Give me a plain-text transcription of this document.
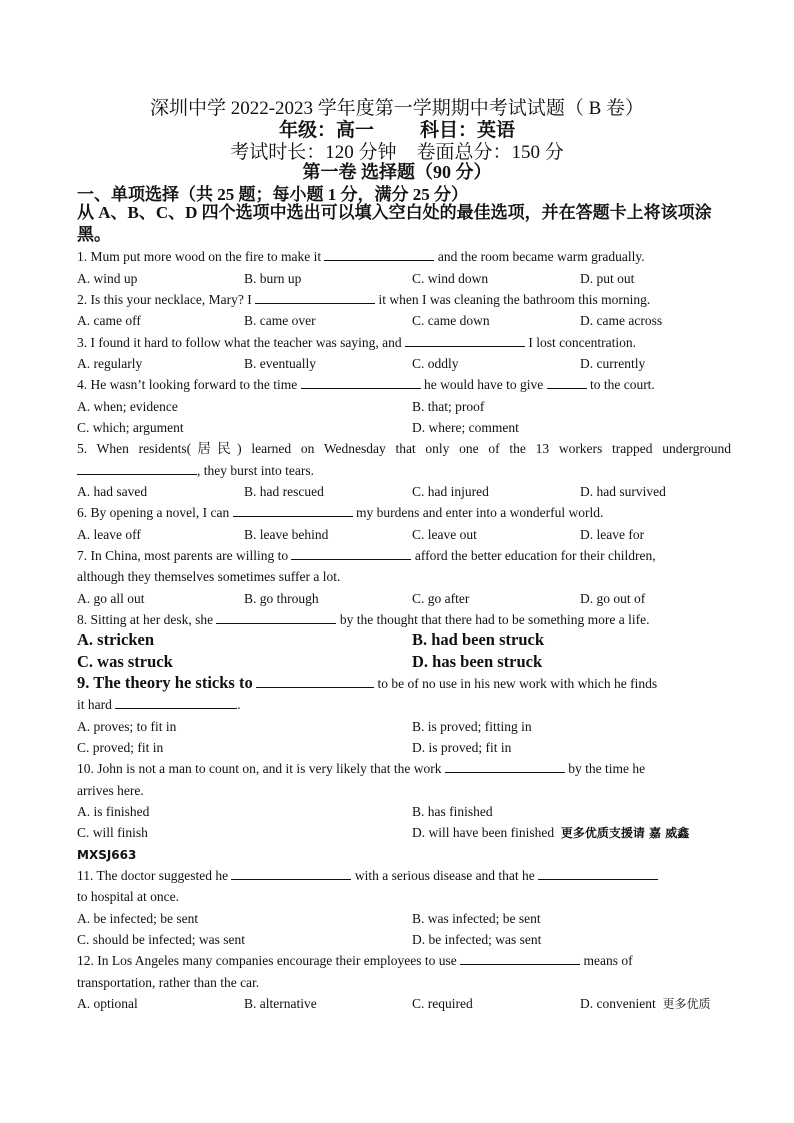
深圳中学 2022-2023 学年度第一学期期中考试试题（ B 卷）
年级：高一 科目：英语
考试时长：120 分钟 卷面总分：150 分
第一卷 选择题（90 分）
一、单项选择（共 25 题；每小题 1 分，满分 25 分）
从 A、B、C、D 四个选项中选出可以填入空白处的最佳选项，并在答题卡上将该项涂黑。
1. Mum put more wood on the fire to make it	and the room became warm gradually.
A. wind up	B. burn up	C. wind down	D. put out
2. Is this your necklace, Mary? I	it when I was cleaning the bathroom this morning.
A. came off	B. came over	C. came down	D. came across
3. I found it hard to follow what the teacher was saying, and	I lost concentration.
A. regularly	B. eventually	C. oddly	D. currently
4. He wasn’t looking forward to the time	he would have to give	to the court.
A. when; evidence	B. that; proof
C. which; argument	D. where; comment
5. When residents(居民) learned on Wednesday that only one of the 13 workers trapped underground
, they burst into tears.
A. had saved	B. had rescued	C. had injured	D. had survived
6. By opening a novel, I can	my burdens and enter into a wonderful world.
A. leave off	B. leave behind	C. leave out	D. leave for
7. In China, most parents are willing to	afford the better education for their children,
although they themselves sometimes suffer a lot.
A. go all out	B. go through	C. go after	D. go out of
8. Sitting at her desk, she	by the thought that there had to be something more a life.
A. stricken	B. had been struck
C. was struck	D. has been struck
9. The theory he sticks to	to be of no use in his new work with which he finds
it hard	.
A. proves; to fit in	B. is proved; fitting in
C. proved; fit in	D. is proved; fit in
10. John is not a man to count on, and it is very likely that the work	by the time he
arrives here.
A. is finished	B. has finished
C. will finish	D. will have been finished 更多优质支援请 嘉 威鑫
MXSJ663
11. The doctor suggested he	with a serious disease and that he
to hospital at once.
A. be infected; be sent	B. was infected; be sent
C. should be infected; was sent	D. be infected; was sent
12. In Los Angeles many companies encourage their employees to use	means of
transportation, rather than the car.
A. optional	B. alternative	C. required	D. convenient 更多优质
